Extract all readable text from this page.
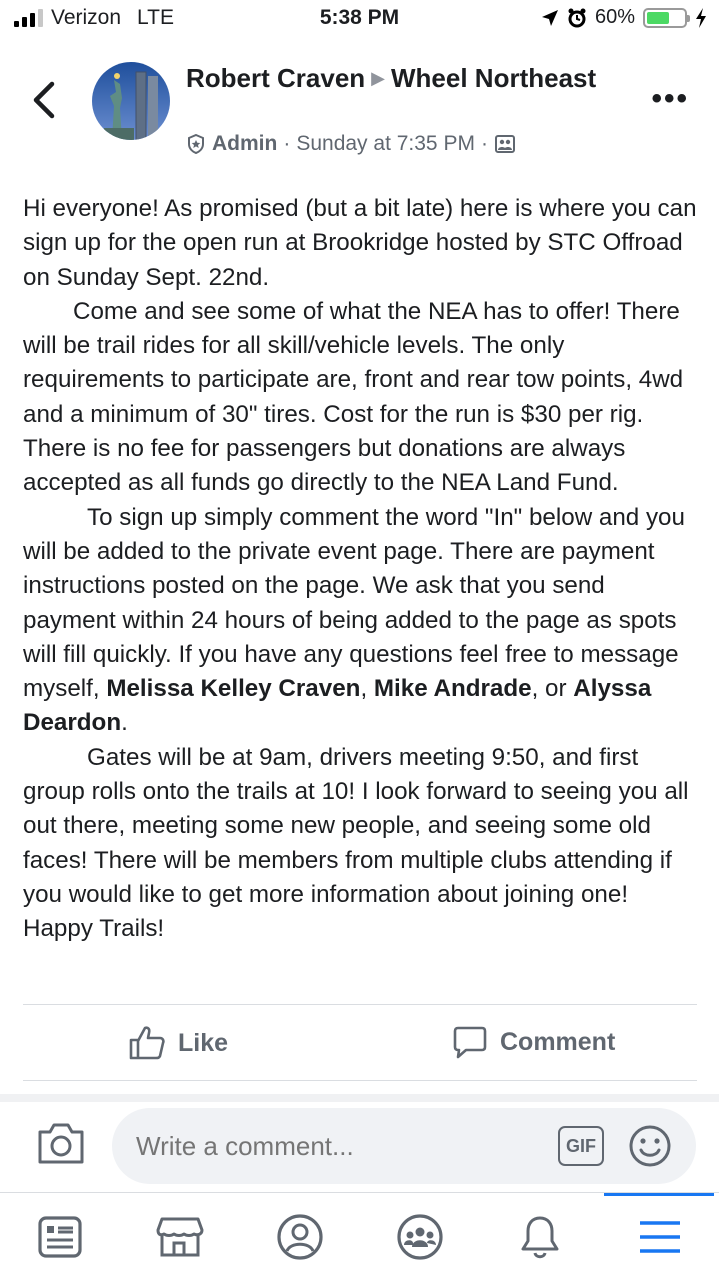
Verizon LTE	5:38 PM	60%
Robert Craven ▶ Wheel Northeast
Admin · Sunday at 7:35 PM ·
•••

Hi everyone! As promised (but a bit late) here is where you can sign up for the open run at Brookridge hosted by STC Offroad on Sunday Sept. 22nd.

Come and see some of what the NEA has to offer! There will be trail rides for all skill/vehicle levels. The only requirements to participate are, front and rear tow points, 4wd and a minimum of 30" tires. Cost for the run is $30 per rig. There is no fee for passengers but donations are always accepted as all funds go directly to the NEA Land Fund.

To sign up simply comment the word "In" below and you will be added to the private event page. There are payment instructions posted on the page. We ask that you send payment within 24 hours of being added to the page as spots will fill quickly. If you have any questions feel free to message myself, Melissa Kelley Craven, Mike Andrade, or Alyssa Deardon.

Gates will be at 9am, drivers meeting 9:50, and first group rolls onto the trails at 10! I look forward to seeing you all out there, meeting some new people, and seeing some old faces! There will be members from multiple clubs attending if you would like to get more information about joining one! Happy Trails!

Like	Comment
Write a comment...
GIF
